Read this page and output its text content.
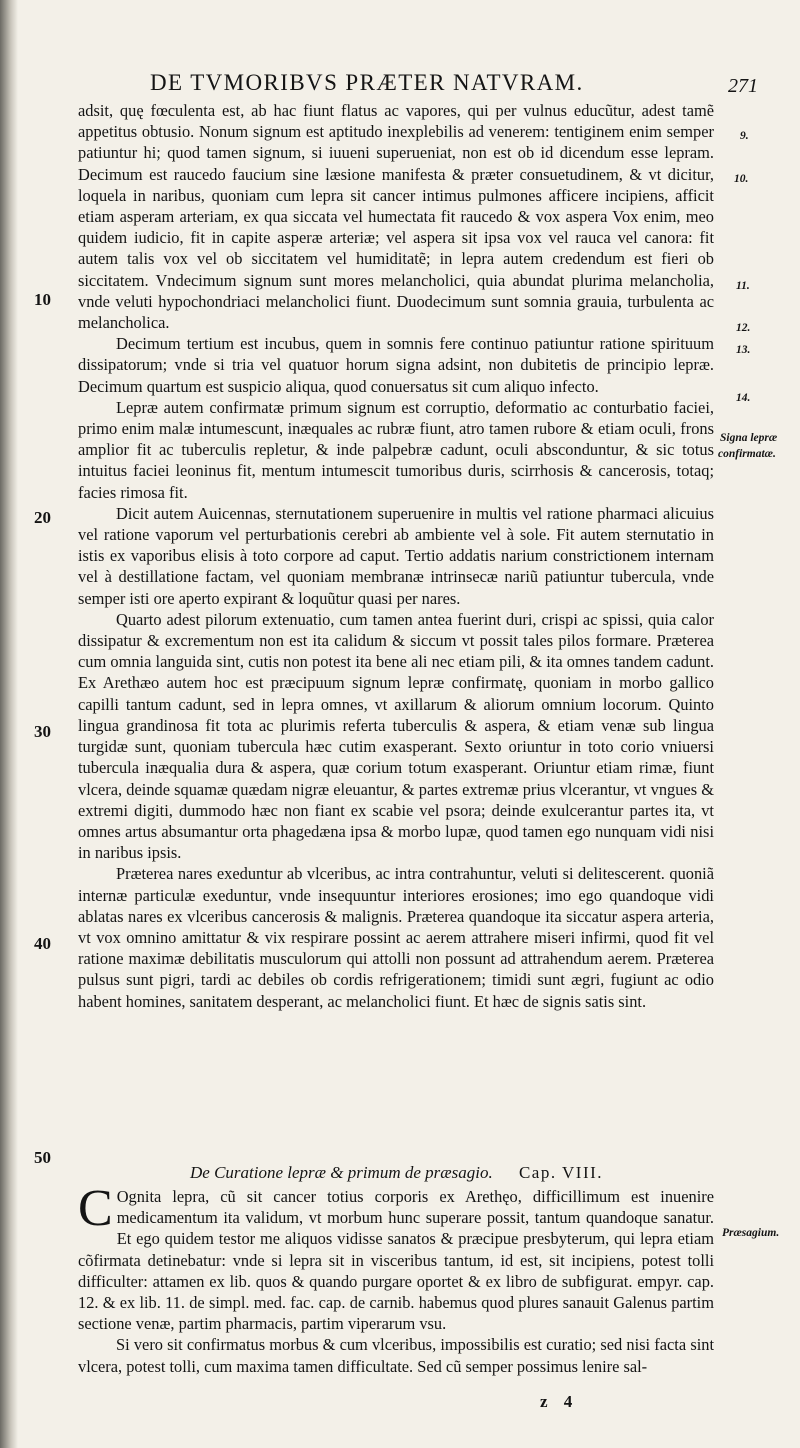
DE TVMORIBVS PRÆTER NATVRAM.	271

adsit, quę fœculenta est, ab hac fiunt flatus ac vapores, qui per vulnus educũtur, adest tamẽ appetitus obtusio. Nonum signum est aptitudo inexplebilis ad venerem: tentiginem enim semper patiuntur hi; quod tamen signum, si iuueni superueniat, non est ob id dicendum esse lepram. Decimum est raucedo faucium sine læsione manifesta & præter consuetudinem, & vt dicitur, loquela in naribus, quoniam cum lepra sit cancer intimus pulmones afficere incipiens, afficit etiam asperam arteriam, ex qua siccata vel humectata fit raucedo & vox aspera Vox enim, meo quidem iudicio, fit in capite asperæ arteriæ; vel aspera sit ipsa vox vel rauca vel canora: fit autem talis vox vel ob siccitatem vel humiditatẽ; in lepra autem credendum est fieri ob siccitatem. Vndecimum signum sunt mores melancholici, quia abundat plurima melancholia, vnde veluti hypochondriaci melancholici fiunt. Duodecimum sunt somnia grauia, turbulenta ac melancholica.

Decimum tertium est incubus, quem in somnis fere continuo patiuntur ratione spirituum dissipatorum; vnde si tria vel quatuor horum signa adsint, non dubitetis de principio lepræ. Decimum quartum est suspicio aliqua, quod conuersatus sit cum aliquo infecto.

Lepræ autem confirmatæ primum signum est corruptio, deformatio ac conturbatio faciei, primo enim malæ intumescunt, inæquales ac rubræ fiunt, atro tamen rubore & etiam oculi, frons amplior fit ac tuberculis repletur, & inde palpebræ cadunt, oculi absconduntur, & sic totus intuitus faciei leoninus fit, mentum intumescit tumoribus duris, scirrhosis & cancerosis, totaq; facies rimosa fit.

Dicit autem Auicennas, sternutationem superuenire in multis vel ratione pharmaci alicuius vel ratione vaporum vel perturbationis cerebri ab ambiente vel à sole. Fit autem sternutatio in istis ex vaporibus elisis à toto corpore ad caput. Tertio addatis narium constrictionem internam vel à destillatione factam, vel quoniam membranæ intrinsecæ nariũ patiuntur tubercula, vnde semper isti ore aperto expirant & loquũtur quasi per nares.

Quarto adest pilorum extenuatio, cum tamen antea fuerint duri, crispi ac spissi, quia calor dissipatur & excrementum non est ita calidum & siccum vt possit tales pilos formare. Præterea cum omnia languida sint, cutis non potest ita bene ali nec etiam pili, & ita omnes tandem cadunt. Ex Arethæo autem hoc est præcipuum signum lepræ confirmatę, quoniam in morbo gallico capilli tantum cadunt, sed in lepra omnes, vt axillarum & aliorum omnium locorum. Quinto lingua grandinosa fit tota ac plurimis referta tuberculis & aspera, & etiam venæ sub lingua turgidæ sunt, quoniam tubercula hæc cutim exasperant. Sexto oriuntur in toto corio vniuersi tubercula inæqualia dura & aspera, quæ corium totum exasperant. Oriuntur etiam rimæ, fiunt vlcera, deinde squamæ quædam nigræ eleuantur, & partes extremæ prius vlcerantur, vt vngues & extremi digiti, dummodo hæc non fiant ex scabie vel psora; deinde exulcerantur partes ita, vt omnes artus absumantur orta phagedæna ipsa & morbo lupæ, quod tamen ego nunquam vidi nisi in naribus ipsis.

Præterea nares exeduntur ab vlceribus, ac intra contrahuntur, veluti si delitescerent. quoniã internæ particulæ exeduntur, vnde insequuntur interiores erosiones; imo ego quandoque vidi ablatas nares ex vlceribus cancerosis & malignis. Præterea quandoque ita siccatur aspera arteria, vt vox omnino amittatur & vix respirare possint ac aerem attrahere miseri infirmi, quod fit vel ratione maximæ debilitatis musculorum qui attolli non possunt ad attrahendum aerem. Præterea pulsus sunt pigri, tardi ac debiles ob cordis refrigerationem; timidi sunt ægri, fugiunt ac odio habent homines, sanitatem desperant, ac melancholici fiunt. Et hæc de signis satis sint.

10
20
30
40
50
9.
10.
11.
12.
13.
14.
Signa lepræ
confirmatæ.
Præsagium.
De Curatione lepræ & primum de præsagio. Cap. VIII.

C Ognita lepra, cũ sit cancer totius corporis ex Arethęo, difficillimum est inuenire medicamentum ita validum, vt morbum hunc superare possit, tantum quandoque sanatur. Et ego quidem testor me aliquos vidisse sanatos & præcipue presbyterum, qui lepra etiam cõfirmata detinebatur: vnde si lepra sit in visceribus tantum, id est, sit incipiens, potest tolli difficulter: attamen ex lib. quos & quando purgare oportet & ex libro de subfigurat. empyr. cap. 12. & ex lib. 11. de simpl. med. fac. cap. de carnib. habemus quod plures sanauit Galenus partim sectione venæ, partim pharmacis, partim viperarum vsu.

Si vero sit confirmatus morbus & cum vlceribus, impossibilis est curatio; sed nisi facta sint vlcera, potest tolli, cum maxima tamen difficultate. Sed cũ semper possimus lenire sal-

z 4
